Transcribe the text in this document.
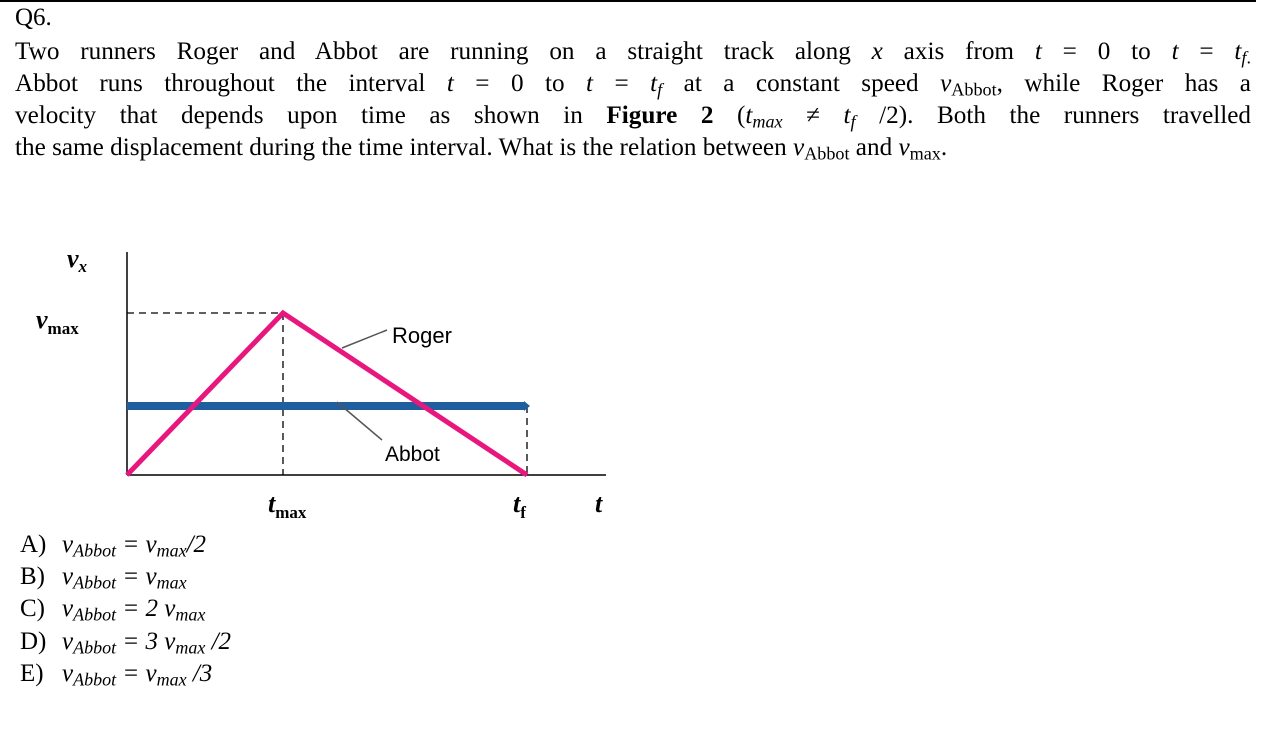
Q6.

Two runners Roger and Abbot are running on a straight track along x axis from t = 0 to $t = t_{f.}$
Abbot runs throughout the interval t = 0 to $t = t_f$ at a constant speed $v_{Abbot}$, while Roger has a
velocity that depends upon time as shown in Figure 2 ($t_{max} \ne t_f$ /2). Both the runners travelled
the same displacement during the time interval. What is the relation between $v_{Abbot}$ and $v_{max}$.

vx
$v_{max}$
$t_{max}$	$t_f$	t
Roger
Abbot
A) $v_{Abbot} = v_{max}/2$
B) $v_{Abbot} = v_{max}$
C) $v_{Abbot} = 2$ $v_{max}$
D) $v_{Abbot} = 3$ $v_{max}$ /2
E) $v_{Abbot} = v_{max}$ /3
